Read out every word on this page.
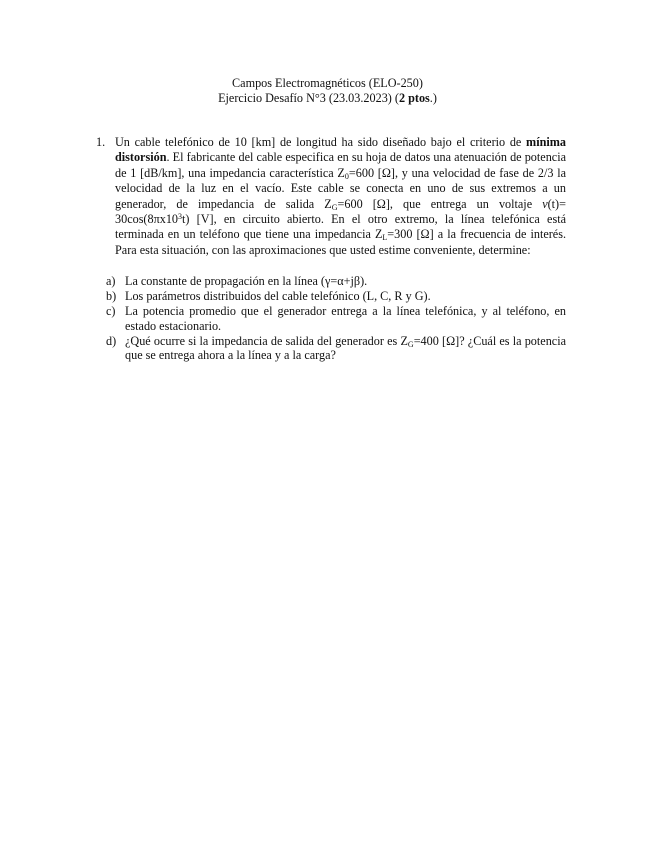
Campos Electromagnéticos (ELO-250)
Ejercicio Desafío N°3 (23.03.2023) (2 ptos.)
1. Un cable telefónico de 10 [km] de longitud ha sido diseñado bajo el criterio de mínima distorsión. El fabricante del cable especifica en su hoja de datos una atenuación de potencia de 1 [dB/km], una impedancia característica $Z_0=600$ [Ω], y una velocidad de fase de 2/3 la velocidad de la luz en el vacío. Este cable se conecta en uno de sus extremos a un generador, de impedancia de salida $Z_G=600$ [Ω], que entrega un voltaje $v(t)= 30\cos(8\pi x10^3t)$ [V], en circuito abierto. En el otro extremo, la línea telefónica está terminada en un teléfono que tiene una impedancia $Z_L=300$ [Ω] a la frecuencia de interés. Para esta situación, con las aproximaciones que usted estime conveniente, determine:
a) La constante de propagación en la línea (γ=α+jβ).
b) Los parámetros distribuidos del cable telefónico (L, C, R y G).
c) La potencia promedio que el generador entrega a la línea telefónica, y al teléfono, en estado estacionario.
d) ¿Qué ocurre si la impedancia de salida del generador es $Z_G=400$ [Ω]? ¿Cuál es la potencia que se entrega ahora a la línea y a la carga?
